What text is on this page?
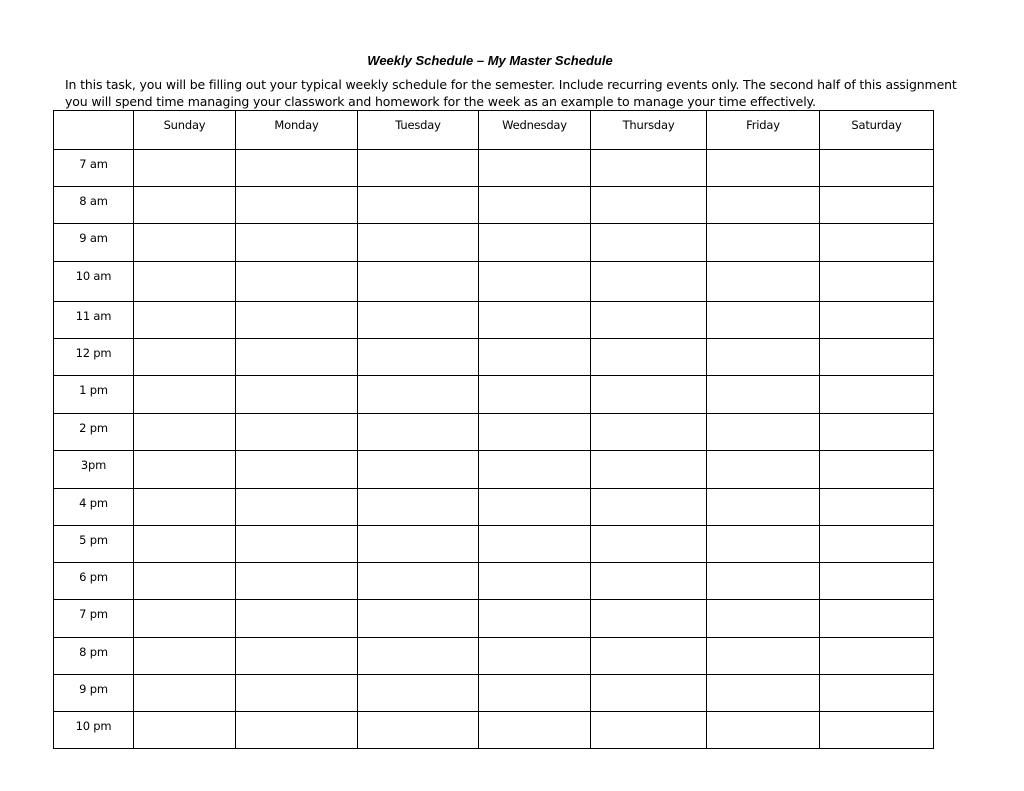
Weekly Schedule – My Master Schedule
In this task, you will be filling out your typical weekly schedule for the semester. Include recurring events only. The second half of this assignment
you will spend time managing your classwork and homework for the week as an example to manage your time effectively.
	Sunday	Monday	Tuesday	Wednesday	Thursday	Friday	Saturday
7 am							
8 am							
9 am							
10 am							
11 am							
12 pm							
1 pm							
2 pm							
3pm							
4 pm							
5 pm							
6 pm							
7 pm							
8 pm							
9 pm							
10 pm							
